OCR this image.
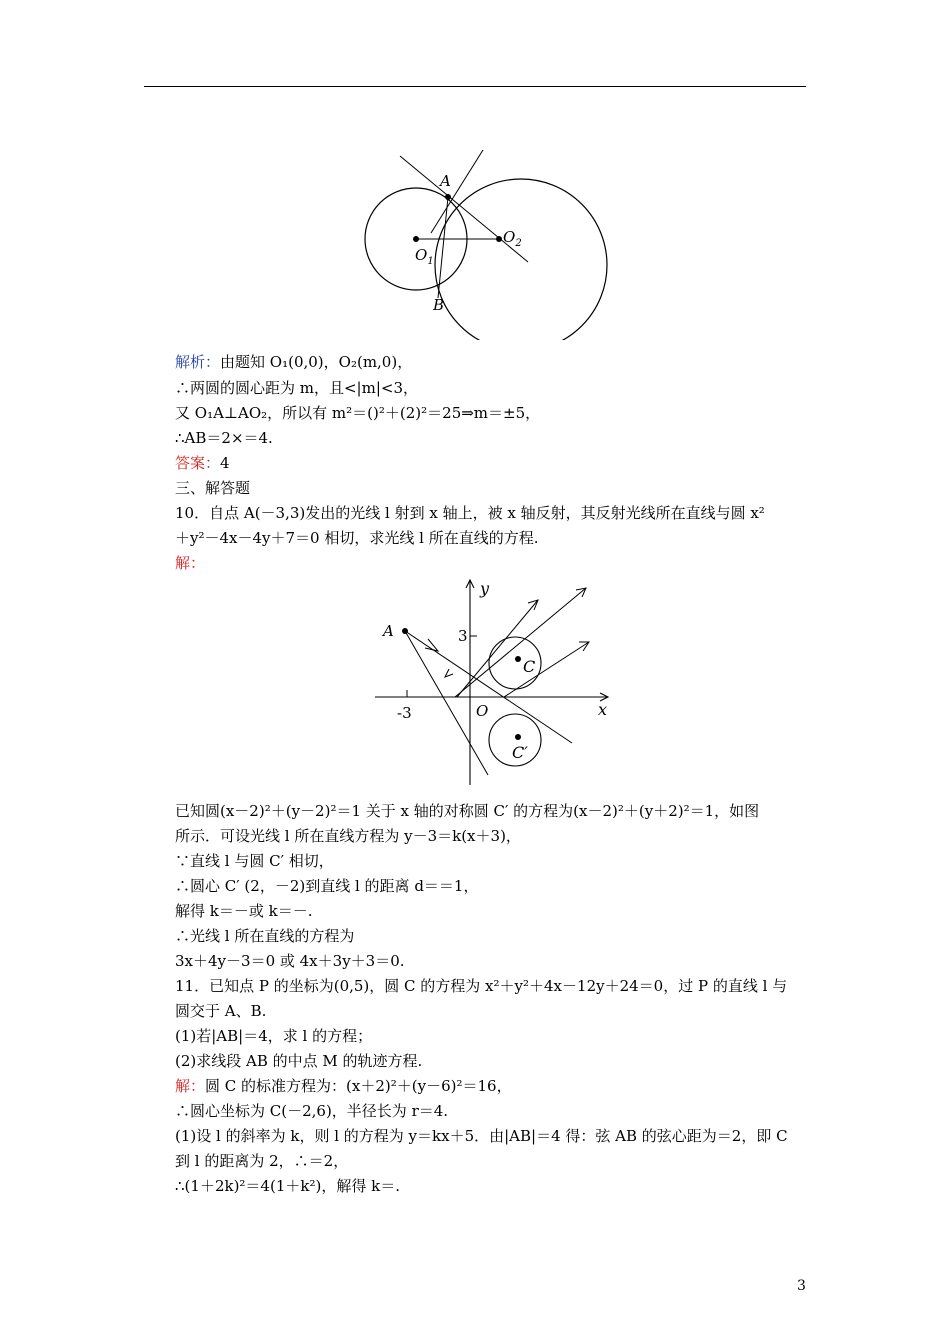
A
B
$O_1$
$O_2$
解析：由题知 O₁(0,0)，O₂(m,0)，
∴两圆的圆心距为 m，且<|m|<3，
又 O₁A⊥AO₂，所以有 m²＝()²＋(2)²＝25⇒m＝±5，
∴AB＝2×＝4.
答案：4
三、解答题
10．自点 A(－3,3)发出的光线 l 射到 x 轴上，被 x 轴反射，其反射光线所在直线与圆 x²
＋y²－4x－4y＋7＝0 相切，求光线 l 所在直线的方程.
解：
y
x
A	3
-3	O
C
C′
已知圆(x－2)²＋(y－2)²＝1 关于 x 轴的对称圆 C′ 的方程为(x－2)²＋(y＋2)²＝1，如图
所示．可设光线 l 所在直线方程为 y－3＝k(x＋3)，
∵直线 l 与圆 C′ 相切，
∴圆心 C′ (2，－2)到直线 l 的距离 d＝＝1，
解得 k＝－或 k＝－.
∴光线 l 所在直线的方程为
3x＋4y－3＝0 或 4x＋3y＋3＝0.
11．已知点 P 的坐标为(0,5)，圆 C 的方程为 x²＋y²＋4x－12y＋24＝0，过 P 的直线 l 与
圆交于 A、B.
(1)若|AB|＝4，求 l 的方程；
(2)求线段 AB 的中点 M 的轨迹方程.
解：圆 C 的标准方程为：(x＋2)²＋(y－6)²＝16，
∴圆心坐标为 C(－2,6)，半径长为 r＝4.
(1)设 l 的斜率为 k，则 l 的方程为 y＝kx＋5．由|AB|＝4 得：弦 AB 的弦心距为＝2，即 C
到 l 的距离为 2，∴＝2，
∴(1＋2k)²＝4(1＋k²)，解得 k＝.
3
